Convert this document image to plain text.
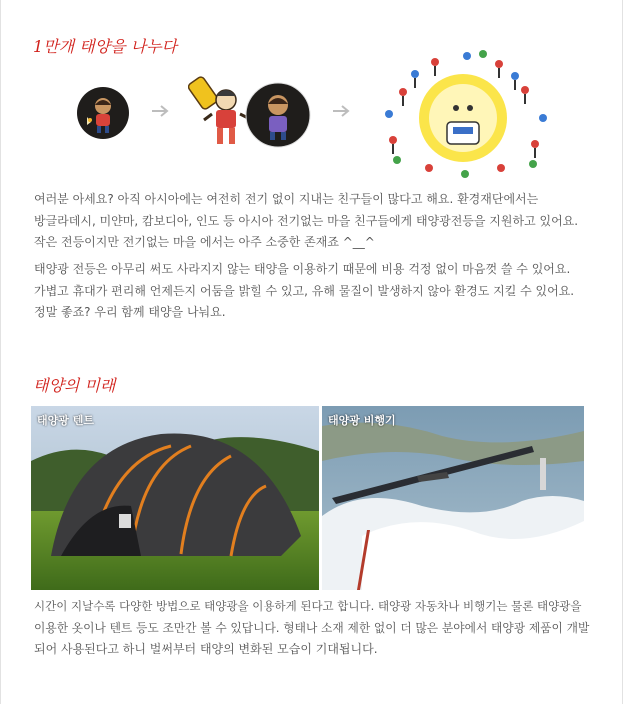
1만개 태양을 나누다

여러분 아세요? 아직 아시아에는 여전히 전기 없이 지내는 친구들이 많다고 해요. 환경재단에서는
방글라데시, 미얀마, 캄보디아, 인도 등 아시아 전기없는 마을 친구들에게 태양광전등을 지원하고 있어요.
작은 전등이지만 전기없는 마을 에서는 아주 소중한 존재죠 ^__^

태양광 전등은 아무리 써도 사라지지 않는 태양을 이용하기 때문에 비용 걱정 없이 마음껏 쓸 수 있어요.
가볍고 휴대가 편리해 언제든지 어둠을 밝힐 수 있고, 유해 물질이 발생하지 않아 환경도 지킬 수 있어요.
정말 좋죠? 우리 함께 태양을 나눠요.

태양의 미래
태양광 텐트	태양광 비행기

시간이 지날수록 다양한 방법으로 태양광을 이용하게 된다고 합니다. 태양광 자동차나 비행기는 물론 태양광을
이용한 옷이나 텐트 등도 조만간 볼 수 있답니다. 형태나 소재 제한 없이 더 많은 분야에서 태양광 제품이 개발
되어 사용된다고 하니 벌써부터 태양의 변화된 모습이 기대됩니다.
